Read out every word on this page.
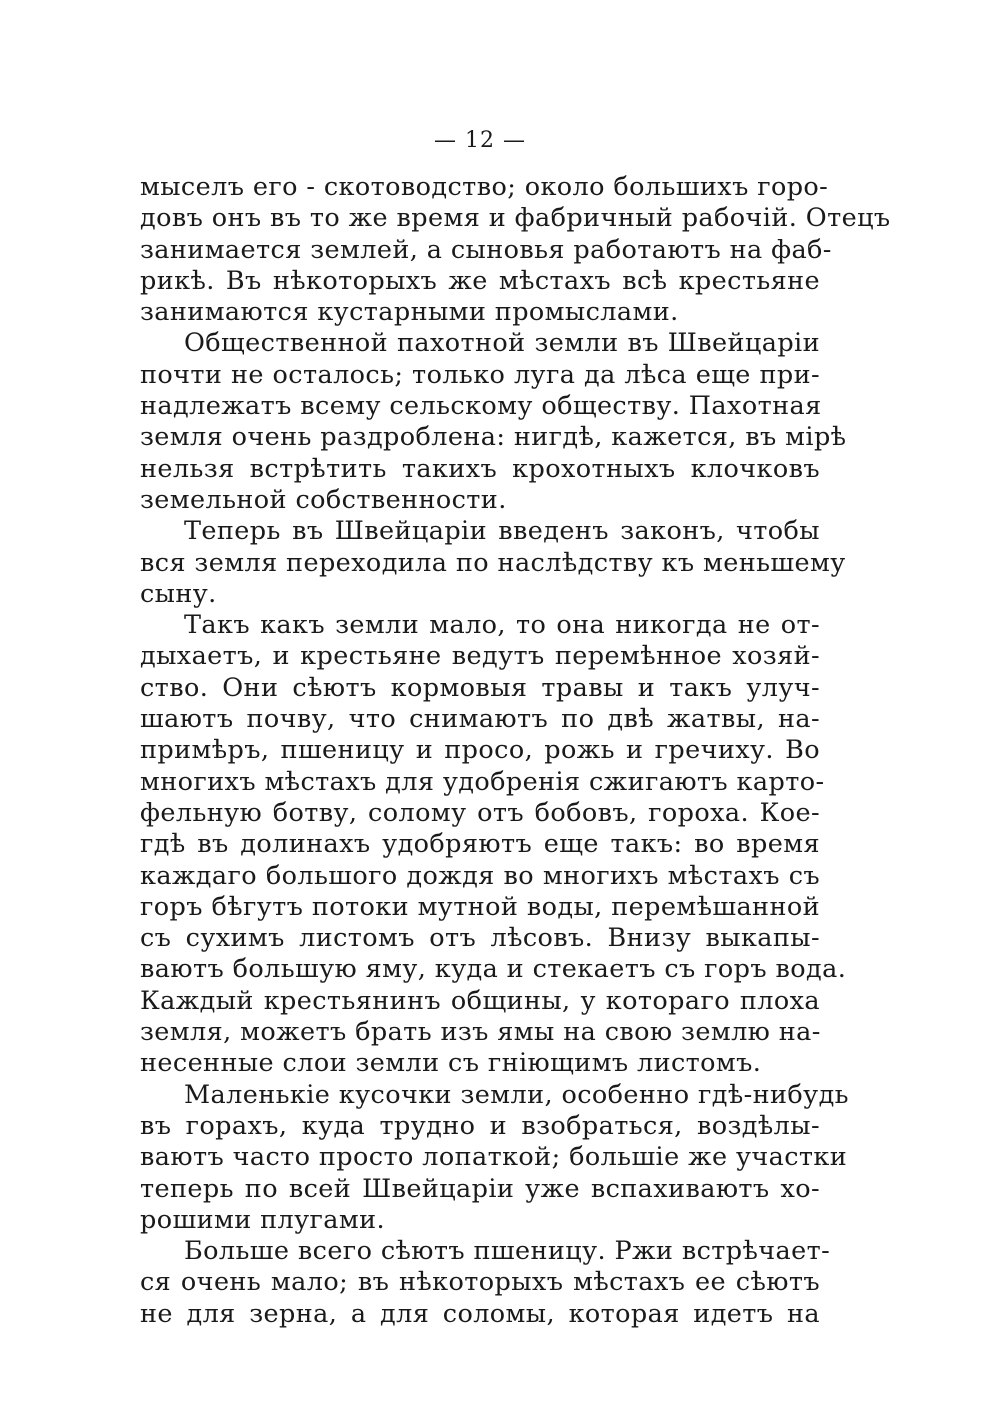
— 12 —
мыселъ его - скотоводство; около большихъ горо-
довъ онъ въ то же время и фабричный рабочій. Отецъ
занимается землей, а сыновья работаютъ на фаб-
рикѣ. Въ нѣкоторыхъ же мѣстахъ всѣ крестьяне
занимаются кустарными промыслами.
Общественной пахотной земли въ Швейцаріи
почти не осталось; только луга да лѣса еще при-
надлежатъ всему сельскому обществу. Пахотная
земля очень раздроблена: нигдѣ, кажется, въ мірѣ
нельзя встрѣтить такихъ крохотныхъ клочковъ
земельной собственности.
Теперь въ Швейцаріи введенъ законъ, чтобы
вся земля переходила по наслѣдству къ меньшему
сыну.
Такъ какъ земли мало, то она никогда не от-
дыхаетъ, и крестьяне ведутъ перемѣнное хозяй-
ство. Они сѣютъ кормовыя травы и такъ улуч-
шаютъ почву, что снимаютъ по двѣ жатвы, на-
примѣръ, пшеницу и просо, рожь и гречиху. Во
многихъ мѣстахъ для удобренія сжигаютъ карто-
фельную ботву, солому отъ бобовъ, гороха. Кое-
гдѣ въ долинахъ удобряютъ еще такъ: во время
каждаго большого дождя во многихъ мѣстахъ съ
горъ бѣгутъ потоки мутной воды, перемѣшанной
съ сухимъ листомъ отъ лѣсовъ. Внизу выкапы-
ваютъ большую яму, куда и стекаетъ съ горъ вода.
Каждый крестьянинъ общины, у котораго плоха
земля, можетъ брать изъ ямы на свою землю на-
несенные слои земли съ гніющимъ листомъ.
Маленькіе кусочки земли, особенно гдѣ-нибудь
въ горахъ, куда трудно и взобраться, воздѣлы-
ваютъ часто просто лопаткой; большіе же участки
теперь по всей Швейцаріи уже вспахиваютъ хо-
рошими плугами.
Больше всего сѣютъ пшеницу. Ржи встрѣчает-
ся очень мало; въ нѣкоторыхъ мѣстахъ ее сѣютъ
не для зерна, а для соломы, которая идетъ на
